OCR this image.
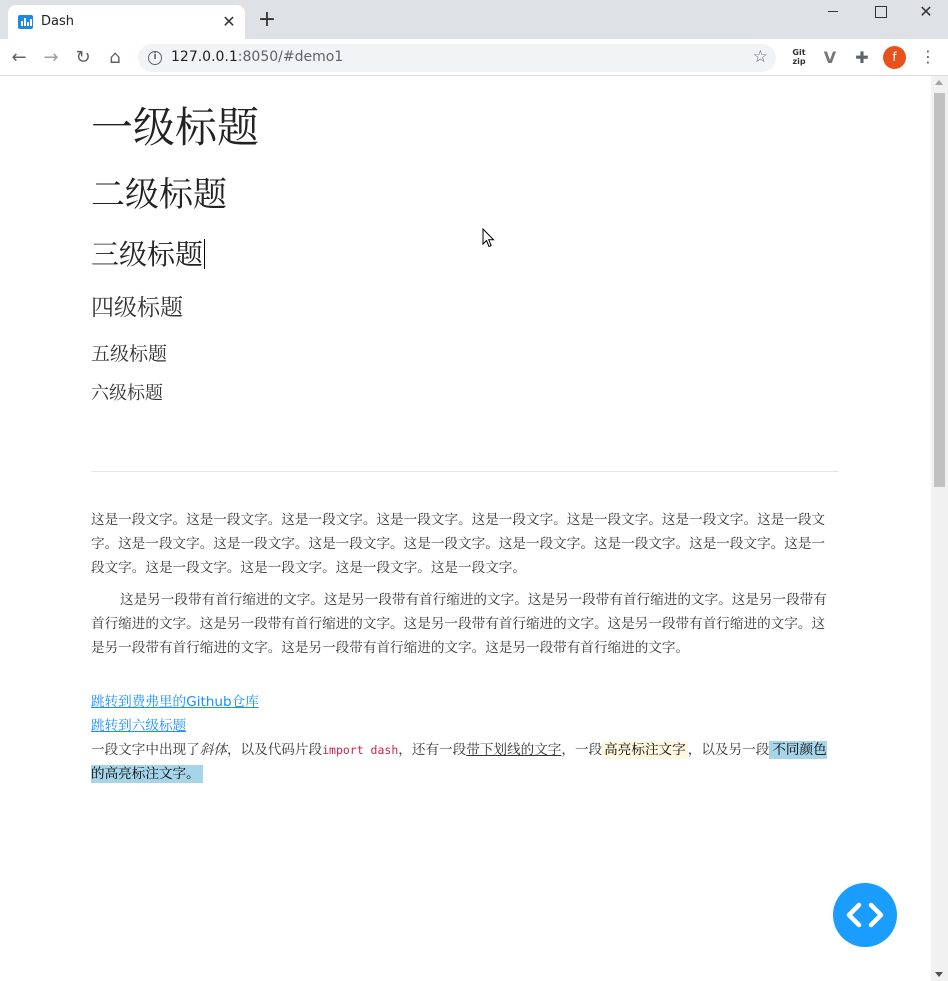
Dash	✕ +	✕
← → ↻	⌂	i	127.0.0.1:8050/#demo1	☆	Git
zip V ✚	f	⋮
一级标题
二级标题
三级标题
四级标题
五级标题
六级标题

这是一段文字。这是一段文字。这是一段文字。这是一段文字。这是一段文字。这是一段文字。这是一段文字。这是一段文字。这是一段文字。这是一段文字。这是一段文字。这是一段文字。这是一段文字。这是一段文字。这是一段文字。这是一段文字。这是一段文字。这是一段文字。这是一段文字。这是一段文字。

这是另一段带有首行缩进的文字。这是另一段带有首行缩进的文字。这是另一段带有首行缩进的文字。这是另一段带有首行缩进的文字。这是另一段带有首行缩进的文字。这是另一段带有首行缩进的文字。这是另一段带有首行缩进的文字。这是另一段带有首行缩进的文字。这是另一段带有首行缩进的文字。这是另一段带有首行缩进的文字。

跳转到费弗里的Github仓库
跳转到六级标题

一段文字中出现了斜体，以及代码片段import dash，还有一段带下划线的文字，一段 高亮标注文字 ，以及另一段 不同颜色的高亮标注文字。
